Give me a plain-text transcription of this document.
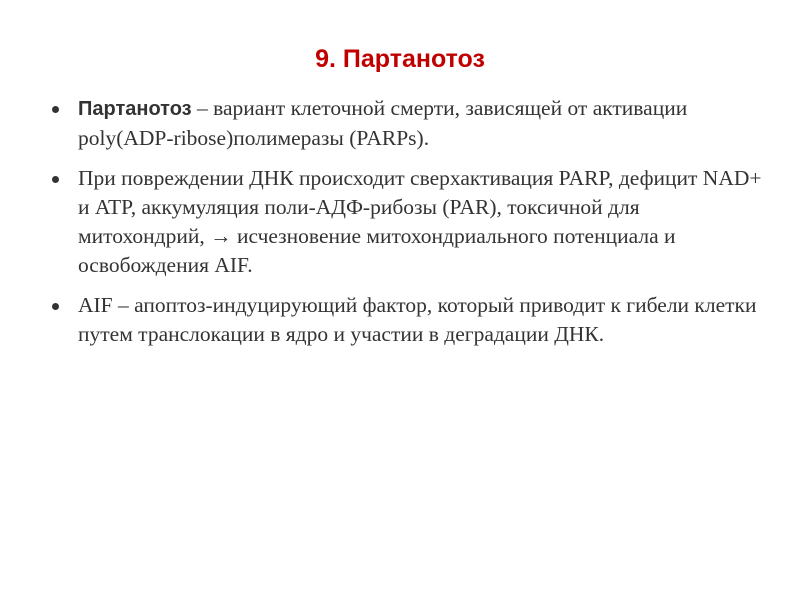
9. Партанотоз
Партанотоз – вариант клеточной смерти, зависящей от активации poly(ADP-ribose)полимеразы (PARPs).
При повреждении ДНК происходит сверхактивация PARP, дефицит NAD+ и ATP, аккумуляция поли-АДФ-рибозы (PAR), токсичной для митохондрий, → исчезновение митохондриального потенциала и освобождения AIF.
AIF – апоптоз-индуцирующий фактор, который приводит к гибели клетки путем транслокации в ядро и участии в деградации ДНК.
